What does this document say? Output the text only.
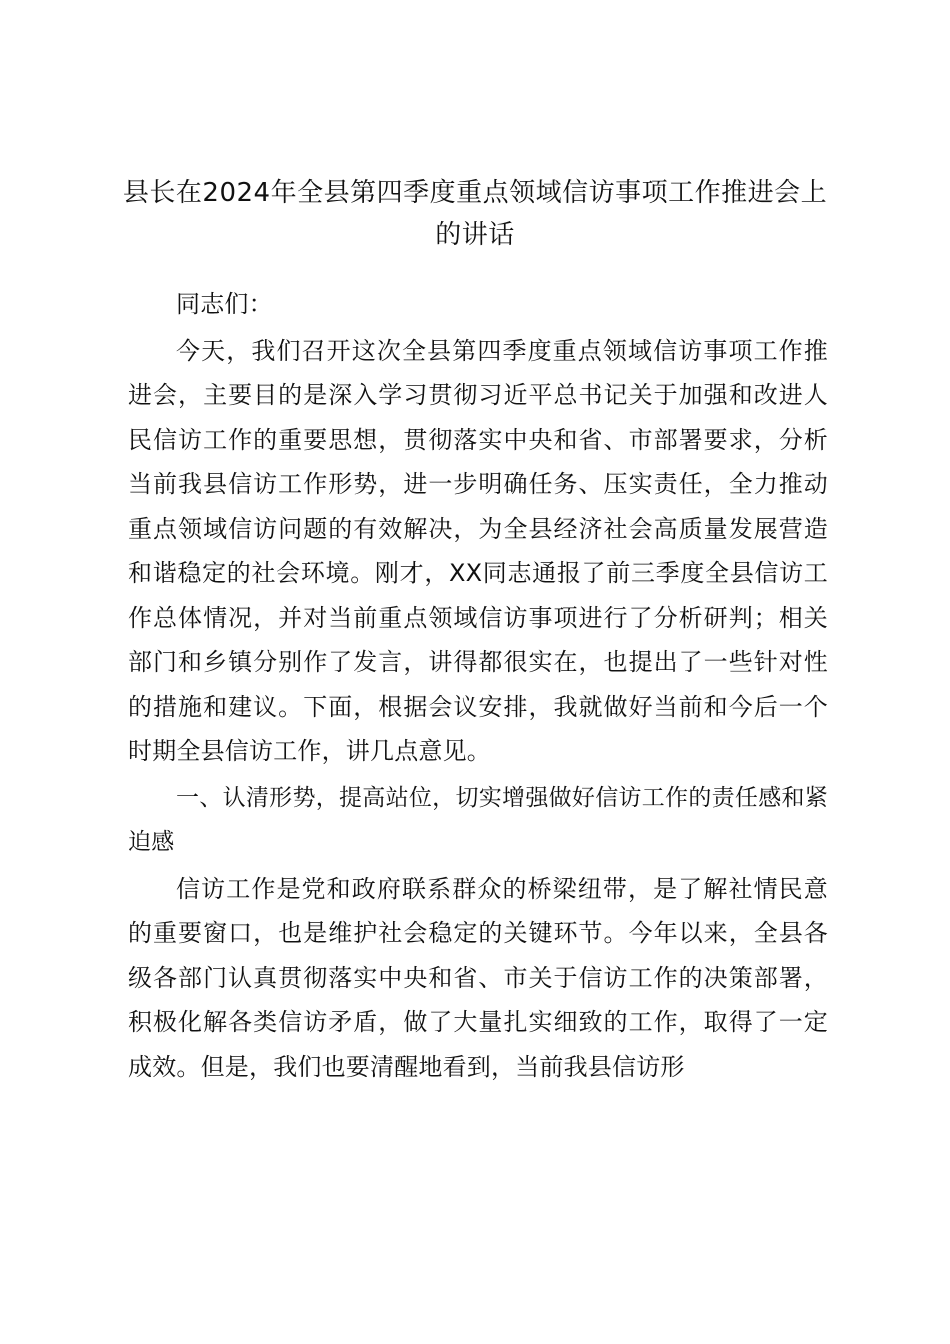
县长在2024年全县第四季度重点领域信访事项工作推进会上的讲话

同志们：

今天，我们召开这次全县第四季度重点领域信访事项工作推进会，主要目的是深入学习贯彻习近平总书记关于加强和改进人民信访工作的重要思想，贯彻落实中央和省、市部署要求，分析当前我县信访工作形势，进一步明确任务、压实责任，全力推动重点领域信访问题的有效解决，为全县经济社会高质量发展营造和谐稳定的社会环境。刚才，XX同志通报了前三季度全县信访工作总体情况，并对当前重点领域信访事项进行了分析研判；相关部门和乡镇分别作了发言，讲得都很实在，也提出了一些针对性的措施和建议。下面，根据会议安排，我就做好当前和今后一个时期全县信访工作，讲几点意见。

一、认清形势，提高站位，切实增强做好信访工作的责任感和紧迫感

信访工作是党和政府联系群众的桥梁纽带，是了解社情民意的重要窗口，也是维护社会稳定的关键环节。今年以来，全县各级各部门认真贯彻落实中央和省、市关于信访工作的决策部署，积极化解各类信访矛盾，做了大量扎实细致的工作，取得了一定成效。但是，我们也要清醒地看到，当前我县信访形
